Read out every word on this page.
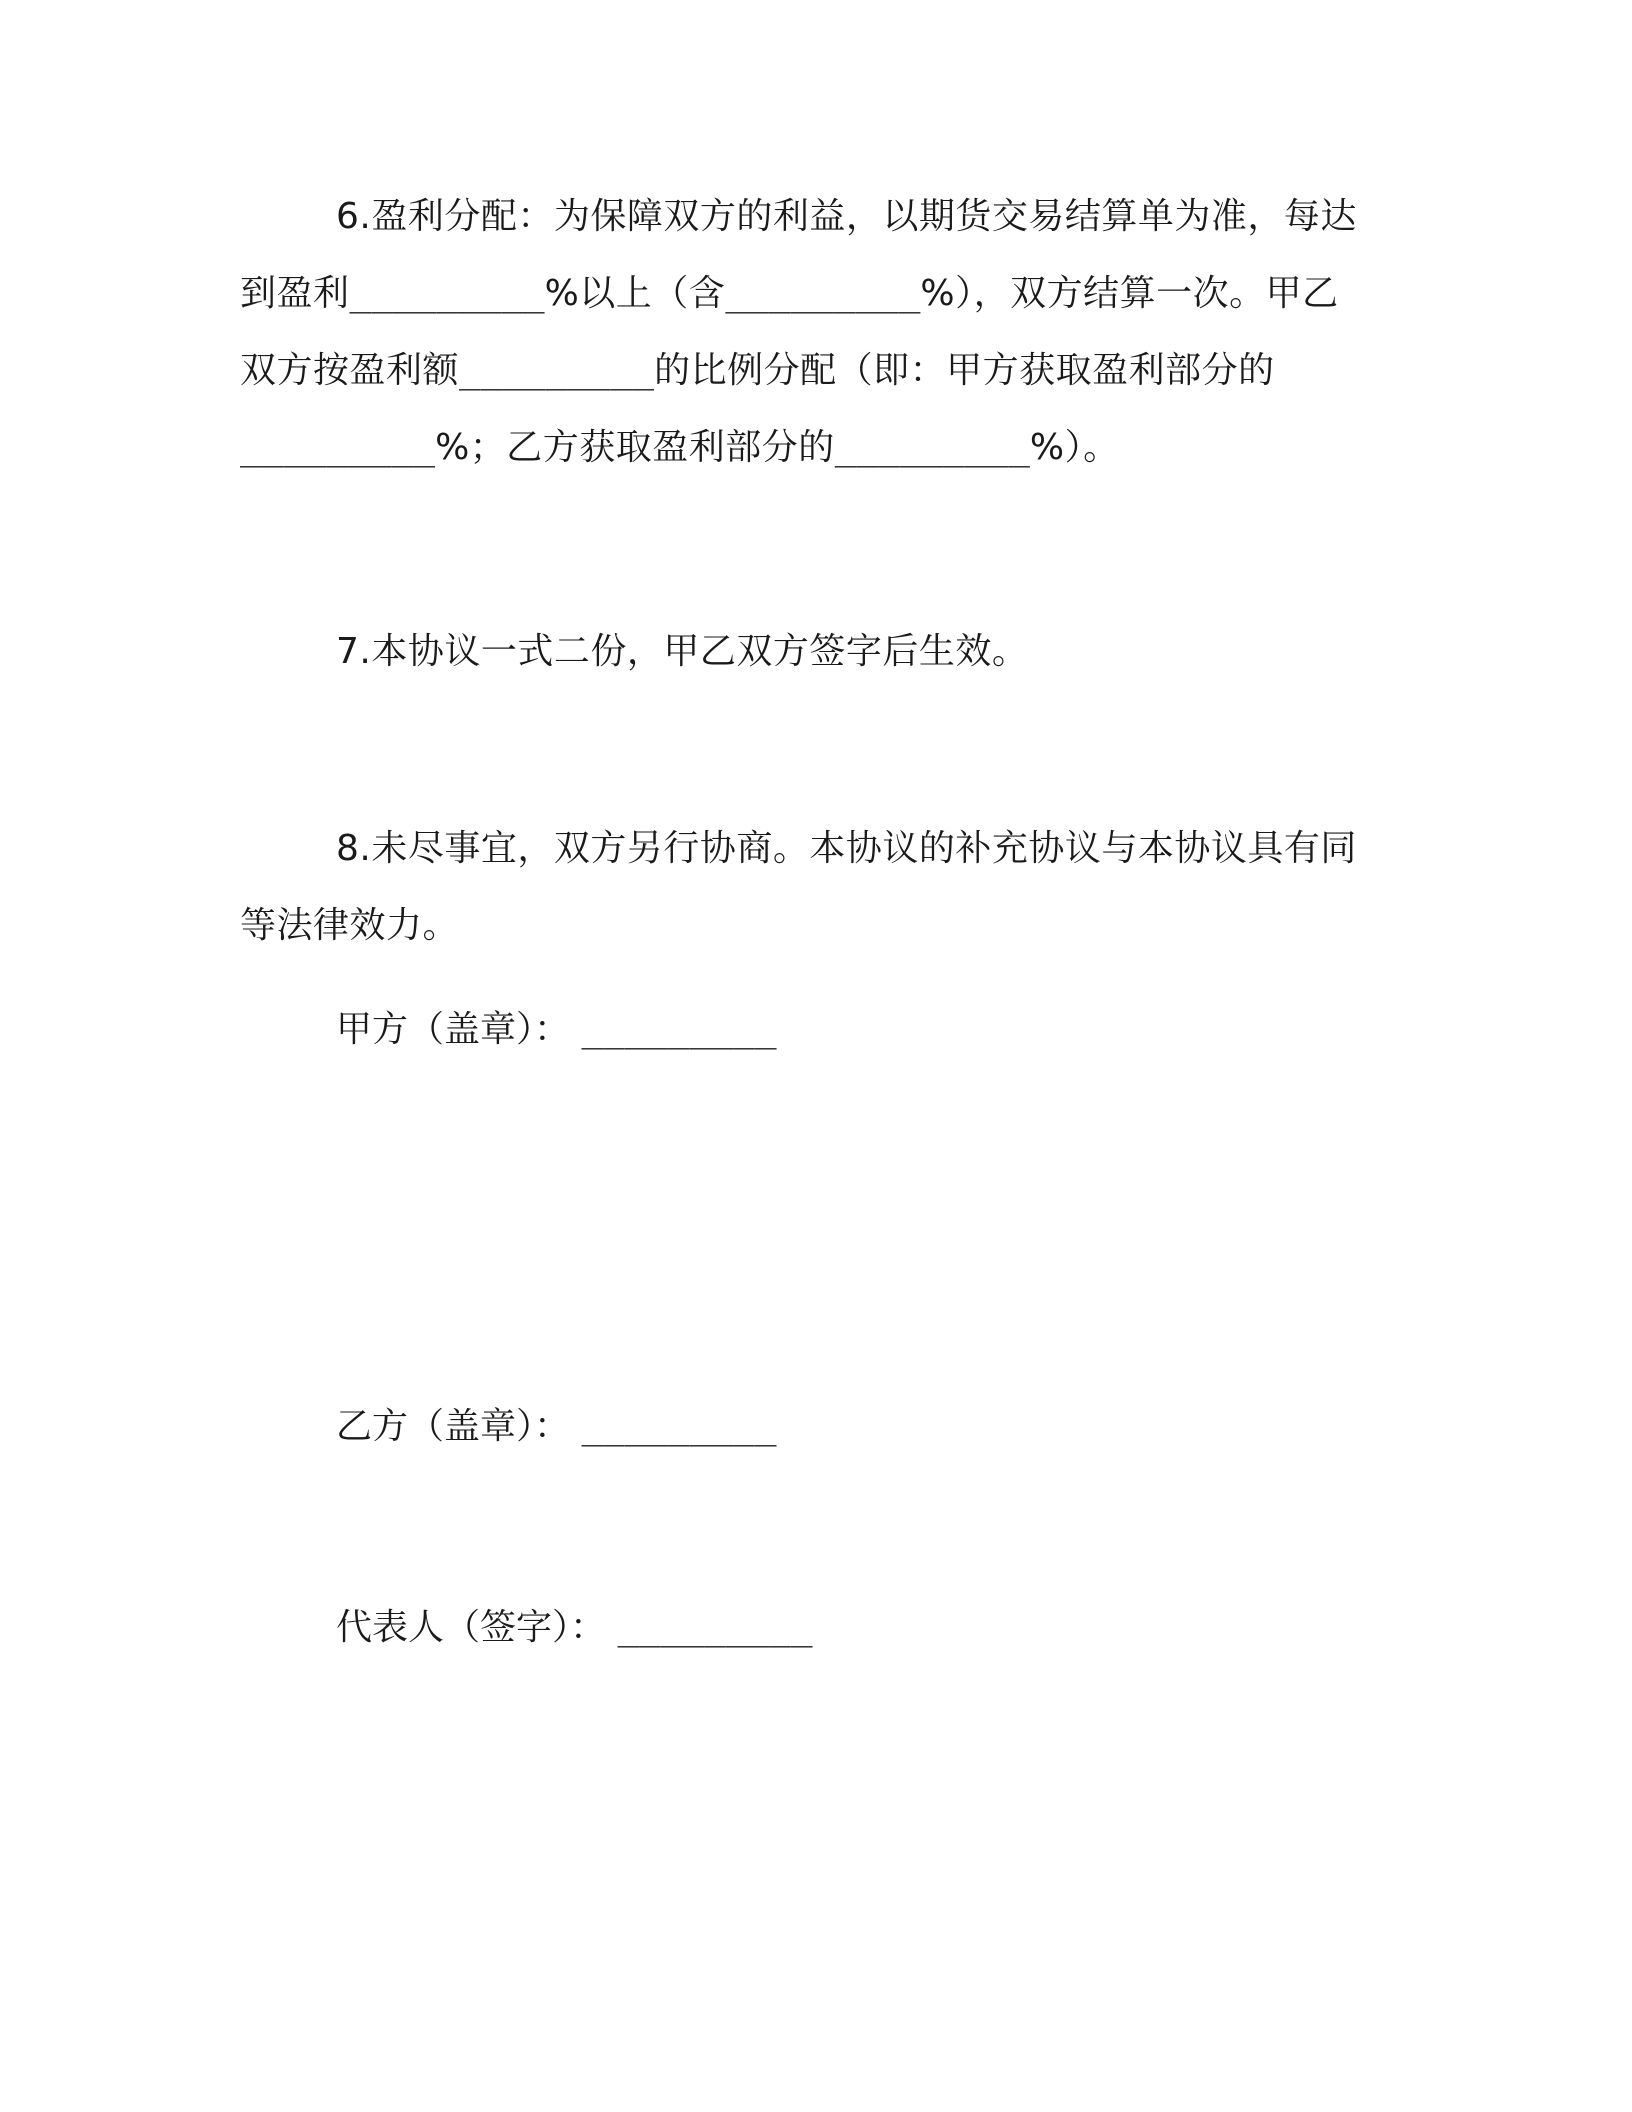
6.盈利分配：为保障双方的利益，以期货交易结算单为准，每达
到盈利_________%以上（含_________%），双方结算一次。甲乙
双方按盈利额_________的比例分配（即：甲方获取盈利部分的
_________%；乙方获取盈利部分的_________%）。
7.本协议一式二份，甲乙双方签字后生效。
8.未尽事宜，双方另行协商。本协议的补充协议与本协议具有同
等法律效力。
甲方（盖章）： _________
乙方（盖章）： _________
代表人（签字）： _________
